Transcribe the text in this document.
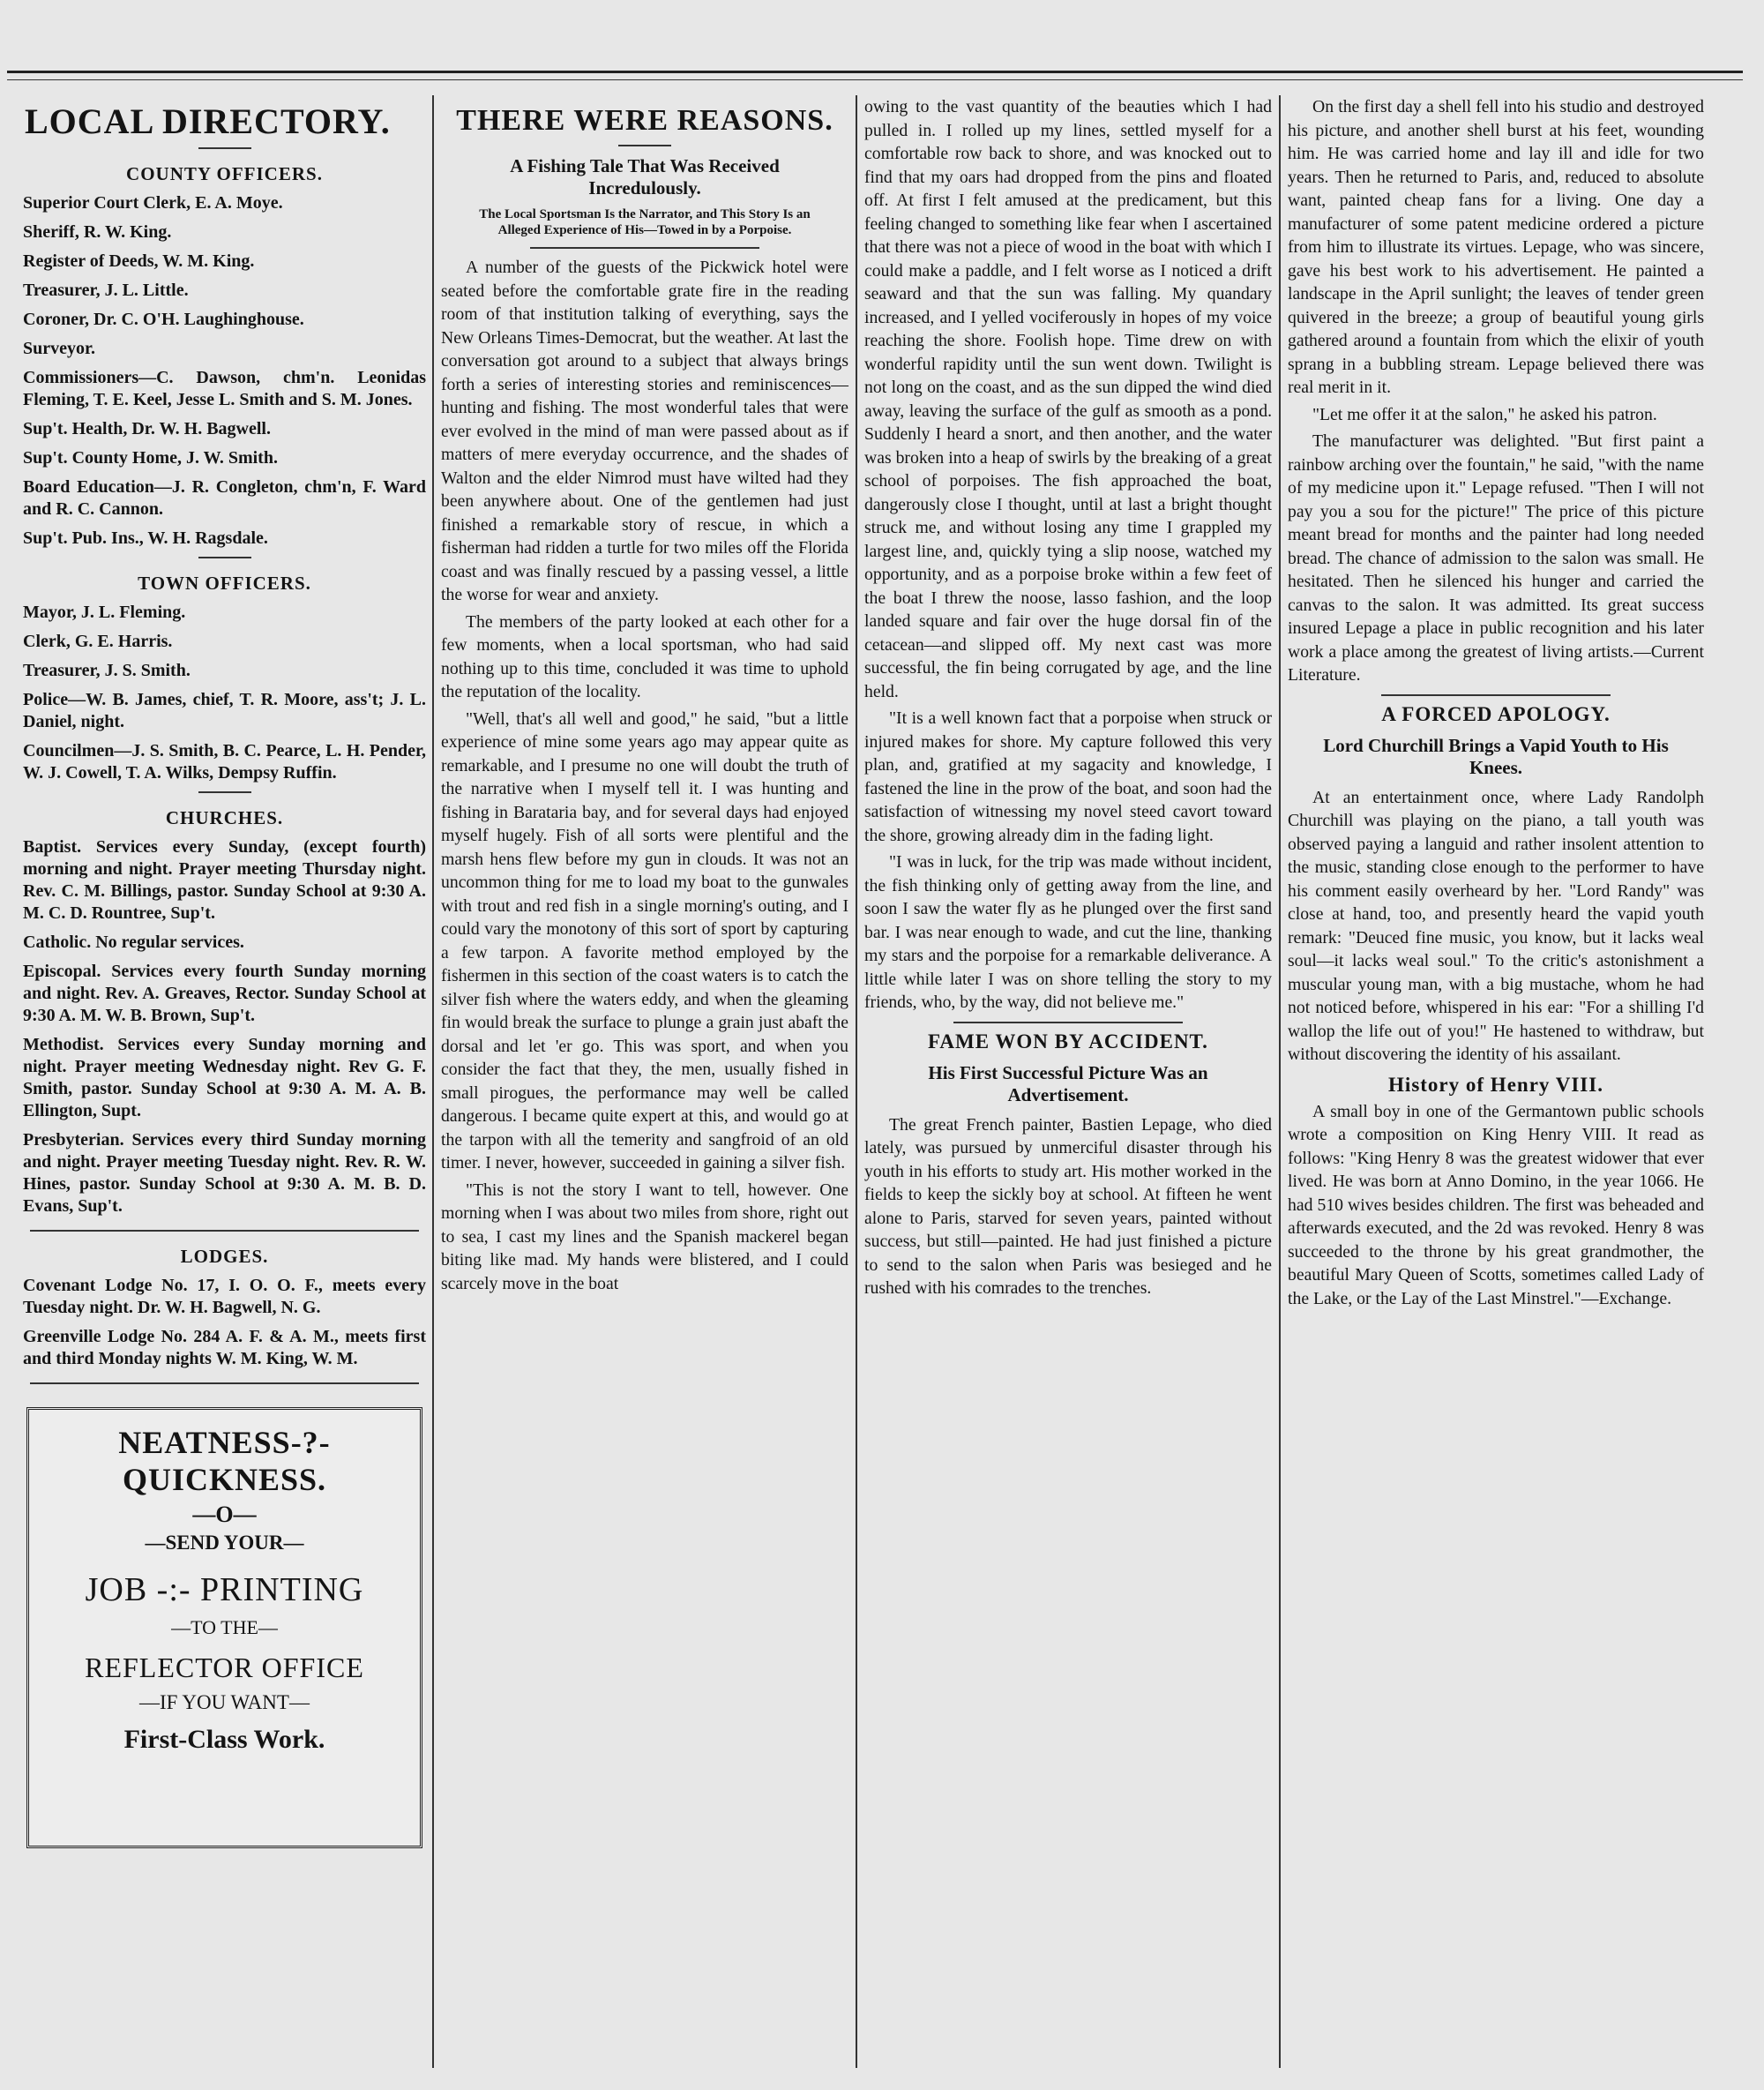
LOCAL DIRECTORY.
COUNTY OFFICERS.
Superior Court Clerk, E. A. Moye.
Sheriff, R. W. King.
Register of Deeds, W. M. King.
Treasurer, J. L. Little.
Coroner, Dr. C. O'H. Laughinghouse.
Surveyor.
Commissioners—C. Dawson, chm'n. Leonidas Fleming, T. E. Keel, Jesse L. Smith and S. M. Jones.
Sup't. Health, Dr. W. H. Bagwell.
Sup't. County Home, J. W. Smith.
Board Education—J. R. Congleton, chm'n, F. Ward and R. C. Cannon.
Sup't. Pub. Ins., W. H. Ragsdale.
TOWN OFFICERS.
Mayor, J. L. Fleming.
Clerk, G. E. Harris.
Treasurer, J. S. Smith.
Police—W. B. James, chief, T. R. Moore, ass't; J. L. Daniel, night.
Councilmen—J. S. Smith, B. C. Pearce, L. H. Pender, W. J. Cowell, T. A. Wilks, Dempsy Ruffin.
CHURCHES.
Baptist. Services every Sunday, (except fourth) morning and night. Prayer meeting Thursday night. Rev. C. M. Billings, pastor. Sunday School at 9:30 A. M. C. D. Rountree, Sup't.
Catholic. No regular services.
Episcopal. Services every fourth Sunday morning and night. Rev. A. Greaves, Rector. Sunday School at 9:30 A. M. W. B. Brown, Sup't.
Methodist. Services every Sunday morning and night. Prayer meeting Wednesday night. Rev G. F. Smith, pastor. Sunday School at 9:30 A. M. A. B. Ellington, Supt.
Presbyterian. Services every third Sunday morning and night. Prayer meeting Tuesday night. Rev. R. W. Hines, pastor. Sunday School at 9:30 A. M. B. D. Evans, Sup't.
LODGES.
Covenant Lodge No. 17, I. O. O. F., meets every Tuesday night. Dr. W. H. Bagwell, N. G.
Greenville Lodge No. 284 A. F. & A. M., meets first and third Monday nights W. M. King, W. M.
NEATNESS-?-QUICKNESS.
—O—
—SEND YOUR—
JOB -:- PRINTING
—TO THE—
REFLECTOR OFFICE
—IF YOU WANT—
First-Class Work.
THERE WERE REASONS.
A Fishing Tale That Was Received Incredulously.
The Local Sportsman Is the Narrator, and This Story Is an Alleged Experience of His—Towed in by a Porpoise.

A number of the guests of the Pickwick hotel were seated before the comfortable grate fire in the reading room of that institution talking of everything, says the New Orleans Times-Democrat, but the weather. At last the conversation got around to a subject that always brings forth a series of interesting stories and reminiscences—hunting and fishing. The most wonderful tales that were ever evolved in the mind of man were passed about as if matters of mere everyday occurrence, and the shades of Walton and the elder Nimrod must have wilted had they been anywhere about. One of the gentlemen had just finished a remarkable story of rescue, in which a fisherman had ridden a turtle for two miles off the Florida coast and was finally rescued by a passing vessel, a little the worse for wear and anxiety.

The members of the party looked at each other for a few moments, when a local sportsman, who had said nothing up to this time, concluded it was time to uphold the reputation of the locality.

"Well, that's all well and good," he said, "but a little experience of mine some years ago may appear quite as remarkable, and I presume no one will doubt the truth of the narrative when I myself tell it. I was hunting and fishing in Barataria bay, and for several days had enjoyed myself hugely. Fish of all sorts were plentiful and the marsh hens flew before my gun in clouds. It was not an uncommon thing for me to load my boat to the gunwales with trout and red fish in a single morning's outing, and I could vary the monotony of this sort of sport by capturing a few tarpon. A favorite method employed by the fishermen in this section of the coast waters is to catch the silver fish where the waters eddy, and when the gleaming fin would break the surface to plunge a grain just abaft the dorsal and let 'er go. This was sport, and when you consider the fact that they, the men, usually fished in small pirogues, the performance may well be called dangerous. I became quite expert at this, and would go at the tarpon with all the temerity and sangfroid of an old timer. I never, however, succeeded in gaining a silver fish.

"This is not the story I want to tell, however. One morning when I was about two miles from shore, right out to sea, I cast my lines and the Spanish mackerel began biting like mad. My hands were blistered, and I could scarcely move in the boat

owing to the vast quantity of the beauties which I had pulled in. I rolled up my lines, settled myself for a comfortable row back to shore, and was knocked out to find that my oars had dropped from the pins and floated off. At first I felt amused at the predicament, but this feeling changed to something like fear when I ascertained that there was not a piece of wood in the boat with which I could make a paddle, and I felt worse as I noticed a drift seaward and that the sun was falling. My quandary increased, and I yelled vociferously in hopes of my voice reaching the shore. Foolish hope. Time drew on with wonderful rapidity until the sun went down. Twilight is not long on the coast, and as the sun dipped the wind died away, leaving the surface of the gulf as smooth as a pond. Suddenly I heard a snort, and then another, and the water was broken into a heap of swirls by the breaking of a great school of porpoises. The fish approached the boat, dangerously close I thought, until at last a bright thought struck me, and without losing any time I grappled my largest line, and, quickly tying a slip noose, watched my opportunity, and as a porpoise broke within a few feet of the boat I threw the noose, lasso fashion, and the loop landed square and fair over the huge dorsal fin of the cetacean—and slipped off. My next cast was more successful, the fin being corrugated by age, and the line held.

"It is a well known fact that a porpoise when struck or injured makes for shore. My capture followed this very plan, and, gratified at my sagacity and knowledge, I fastened the line in the prow of the boat, and soon had the satisfaction of witnessing my novel steed cavort toward the shore, growing already dim in the fading light.

"I was in luck, for the trip was made without incident, the fish thinking only of getting away from the line, and soon I saw the water fly as he plunged over the first sand bar. I was near enough to wade, and cut the line, thanking my stars and the porpoise for a remarkable deliverance. A little while later I was on shore telling the story to my friends, who, by the way, did not believe me."

FAME WON BY ACCIDENT.
His First Successful Picture Was an Advertisement.

The great French painter, Bastien Lepage, who died lately, was pursued by unmerciful disaster through his youth in his efforts to study art. His mother worked in the fields to keep the sickly boy at school. At fifteen he went alone to Paris, starved for seven years, painted without success, but still—painted. He had just finished a picture to send to the salon when Paris was besieged and he rushed with his comrades to the trenches.

On the first day a shell fell into his studio and destroyed his picture, and another shell burst at his feet, wounding him. He was carried home and lay ill and idle for two years. Then he returned to Paris, and, reduced to absolute want, painted cheap fans for a living. One day a manufacturer of some patent medicine ordered a picture from him to illustrate its virtues. Lepage, who was sincere, gave his best work to his advertisement. He painted a landscape in the April sunlight; the leaves of tender green quivered in the breeze; a group of beautiful young girls gathered around a fountain from which the elixir of youth sprang in a bubbling stream. Lepage believed there was real merit in it.

"Let me offer it at the salon," he asked his patron.

The manufacturer was delighted. "But first paint a rainbow arching over the fountain," he said, "with the name of my medicine upon it." Lepage refused. "Then I will not pay you a sou for the picture!" The price of this picture meant bread for months and the painter had long needed bread. The chance of admission to the salon was small. He hesitated. Then he silenced his hunger and carried the canvas to the salon. It was admitted. Its great success insured Lepage a place in public recognition and his later work a place among the greatest of living artists.—Current Literature.

A FORCED APOLOGY.
Lord Churchill Brings a Vapid Youth to His Knees.

At an entertainment once, where Lady Randolph Churchill was playing on the piano, a tall youth was observed paying a languid and rather insolent attention to the music, standing close enough to the performer to have his comment easily overheard by her. "Lord Randy" was close at hand, too, and presently heard the vapid youth remark: "Deuced fine music, you know, but it lacks weal soul—it lacks weal soul." To the critic's astonishment a muscular young man, with a big mustache, whom he had not noticed before, whispered in his ear: "For a shilling I'd wallop the life out of you!" He hastened to withdraw, but without discovering the identity of his assailant.

History of Henry VIII.

A small boy in one of the Germantown public schools wrote a composition on King Henry VIII. It read as follows: "King Henry 8 was the greatest widower that ever lived. He was born at Anno Domino, in the year 1066. He had 510 wives besides children. The first was beheaded and afterwards executed, and the 2d was revoked. Henry 8 was succeeded to the throne by his great grandmother, the beautiful Mary Queen of Scotts, sometimes called Lady of the Lake, or the Lay of the Last Minstrel."—Exchange.
